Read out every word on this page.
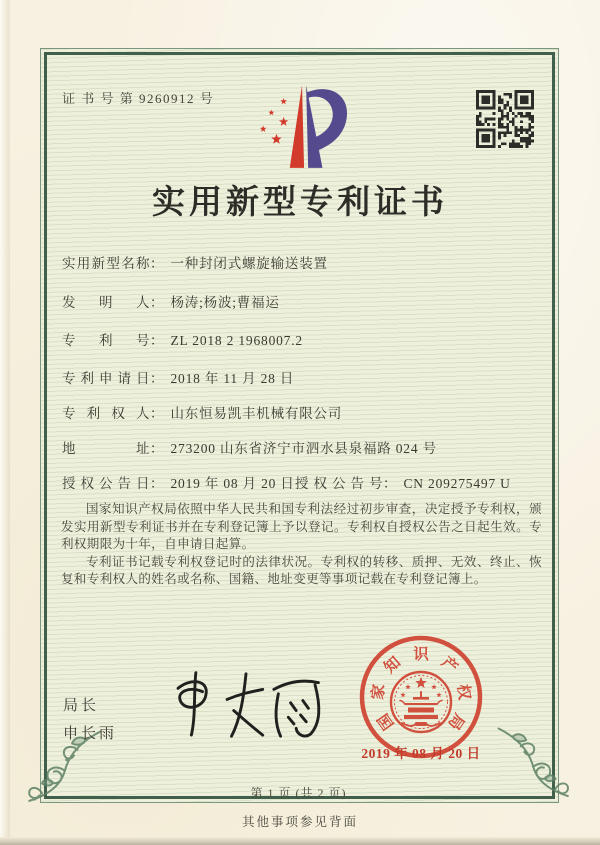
证 书 号 第 9260912 号
实用新型专利证书
实用新型名称： 一种封闭式螺旋输送装置
发明人： 杨涛;杨波;曹福运
专利号： ZL 2018 2 1968007.2
专利申请日： 2018 年 11 月 28 日
专利权人： 山东恒易凯丰机械有限公司
地址： 273200 山东省济宁市泗水县泉福路 024 号
授权公告日： 2019 年 08 月 20 日 授权公告号： CN 209275497 U

国家知识产权局依照中华人民共和国专利法经过初步审查，决定授予专利权，颁发实用新型专利证书并在专利登记簿上予以登记。专利权自授权公告之日起生效。专利权期限为十年，自申请日起算。

专利证书记载专利权登记时的法律状况。专利权的转移、质押、无效、终止、恢复和专利权人的姓名或名称、国籍、地址变更等事项记载在专利登记簿上。

局长
申长雨
国
家
知 识 产
权
局
2019 年 08 月 20 日
第 1 页 (共 2 页)
其他事项参见背面
